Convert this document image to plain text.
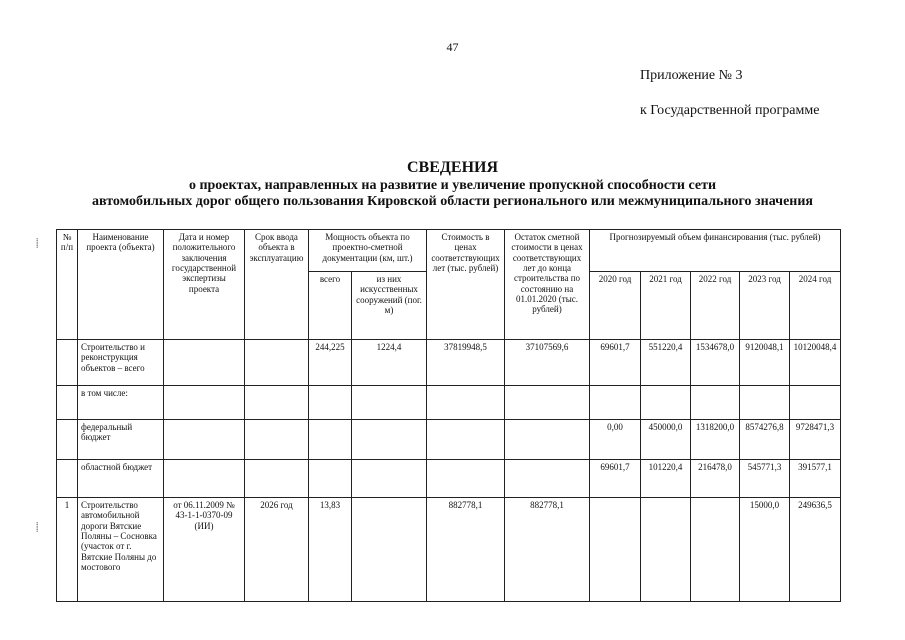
47
Приложение № 3
к Государственной программе
СВЕДЕНИЯ
о проектах, направленных на развитие и увеличение пропускной способности сети
автомобильных дорог общего пользования Кировской области регионального или межмуниципального значения
⸽
⸽
№ п/п	Наименование проекта (объекта)	Дата и номер положительного заключения государственной экспертизы проекта	Срок ввода объекта в эксплуатацию	Мощность объекта по проектно-сметной документации (км, шт.)		Стоимость в ценах соответствующих лет (тыс. рублей)	Остаток сметной стоимости в ценах соответствующих лет до конца строительства по состоянию на 01.01.2020 (тыс. рублей)	Прогнозируемый объем финансирования (тыс. рублей)				
				всего	из них искусственных сооружений (пог. м)			2020 год	2021 год	2022 год	2023 год	2024 год
	Строительство и реконструкция объектов – всего			244,225	1224,4	37819948,5	37107569,6	69601,7	551220,4	1534678,0	9120048,1	10120048,4
	в том числе:											
	федеральный бюджет							0,00	450000,0	1318200,0	8574276,8	9728471,3
	областной бюджет							69601,7	101220,4	216478,0	545771,3	391577,1
1	Строительство автомобильной дороги Вятские Поляны – Сосновка (участок от г. Вятские Поляны до мостового	от 06.11.2009 № 43-1-1-0370-09 (ИИ)	2026 год	13,83		882778,1	882778,1				15000,0	249636,5
